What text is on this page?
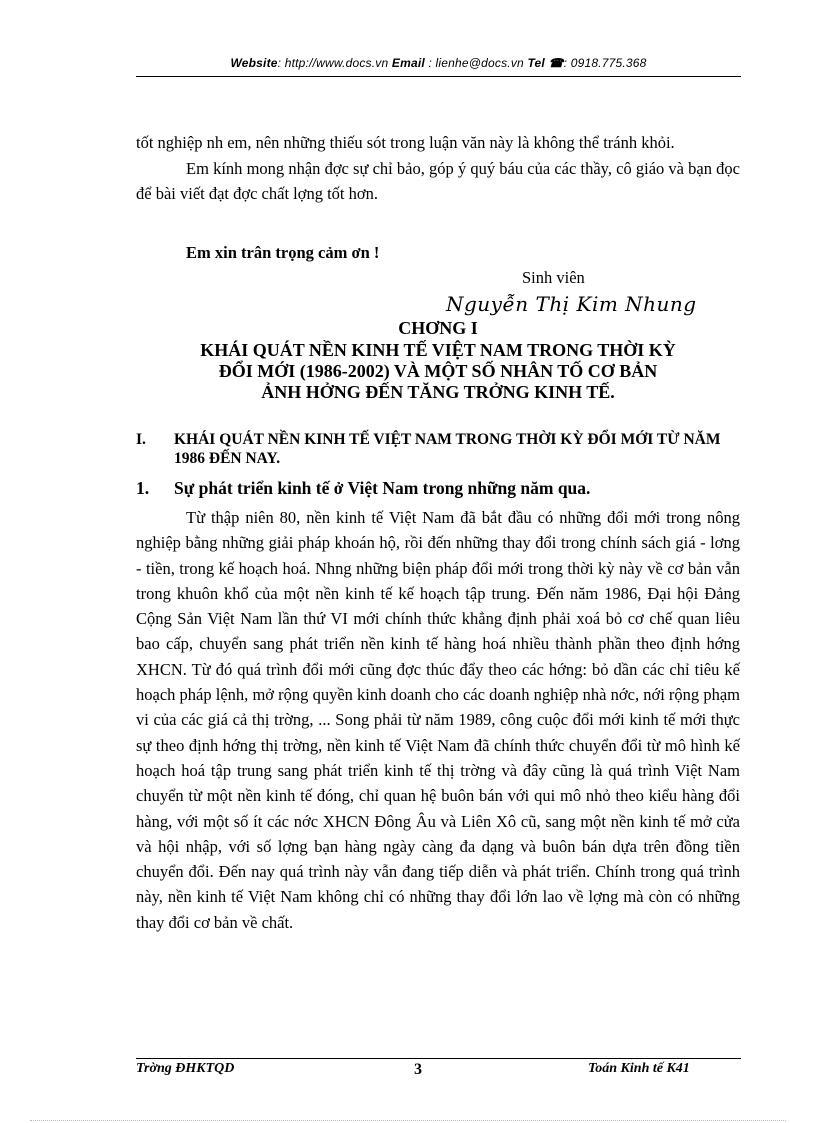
Website: http://www.docs.vn Email : lienhe@docs.vn Tel ☎: 0918.775.368

tốt nghiệp nh em, nên những thiếu sót trong luận văn này là không thể tránh khỏi.

Em kính mong nhận đợc sự chỉ bảo, góp ý quý báu của các thầy, cô giáo và bạn đọc để bài viết đạt đợc chất lợng tốt hơn.

Em xin trân trọng cảm ơn !
Sinh viên
Nguyễn Thị Kim Nhung
CHƠNG I
KHÁI QUÁT NỀN KINH TẾ VIỆT NAM TRONG THỜI KỲ
ĐỔI MỚI (1986-2002) VÀ MỘT SỐ NHÂN TỐ CƠ BẢN
ẢNH HỞNG ĐẾN TĂNG TRỞNG KINH TẾ.
I. KHÁI QUÁT NỀN KINH TẾ VIỆT NAM TRONG THỜI KỲ ĐỔI MỚI TỪ NĂM 1986 ĐẾN NAY.
1. Sự phát triển kinh tế ở Việt Nam trong những năm qua.

Từ thập niên 80, nền kinh tế Việt Nam đã bắt đầu có những đổi mới trong nông nghiệp bằng những giải pháp khoán hộ, rồi đến những thay đổi trong chính sách giá - lơng - tiền, trong kế hoạch hoá. Nhng những biện pháp đổi mới trong thời kỳ này về cơ bản vẫn trong khuôn khổ của một nền kinh tế kế hoạch tập trung. Đến năm 1986, Đại hội Đảng Cộng Sản Việt Nam lần thứ VI mới chính thức khẳng định phải xoá bỏ cơ chế quan liêu bao cấp, chuyển sang phát triển nền kinh tế hàng hoá nhiều thành phần theo định hớng XHCN. Từ đó quá trình đổi mới cũng đợc thúc đẩy theo các hớng: bỏ dần các chỉ tiêu kế hoạch pháp lệnh, mở rộng quyền kinh doanh cho các doanh nghiệp nhà nớc, nới rộng phạm vi của các giá cả thị trờng, ... Song phải từ năm 1989, công cuộc đổi mới kinh tế mới thực sự theo định hớng thị trờng, nền kinh tế Việt Nam đã chính thức chuyển đổi từ mô hình kế hoạch hoá tập trung sang phát triển kinh tế thị trờng và đây cũng là quá trình Việt Nam chuyển từ một nền kinh tế đóng, chỉ quan hệ buôn bán với qui mô nhỏ theo kiểu hàng đổi hàng, với một số ít các nớc XHCN Đông Âu và Liên Xô cũ, sang một nền kinh tế mở cửa và hội nhập, với số lợng bạn hàng ngày càng đa dạng và buôn bán dựa trên đồng tiền chuyển đổi. Đến nay quá trình này vẫn đang tiếp diễn và phát triển. Chính trong quá trình này, nền kinh tế Việt Nam không chỉ có những thay đổi lớn lao về lợng mà còn có những thay đổi cơ bản về chất.

Trờng ĐHKTQD	3	Toán Kinh tế K41
